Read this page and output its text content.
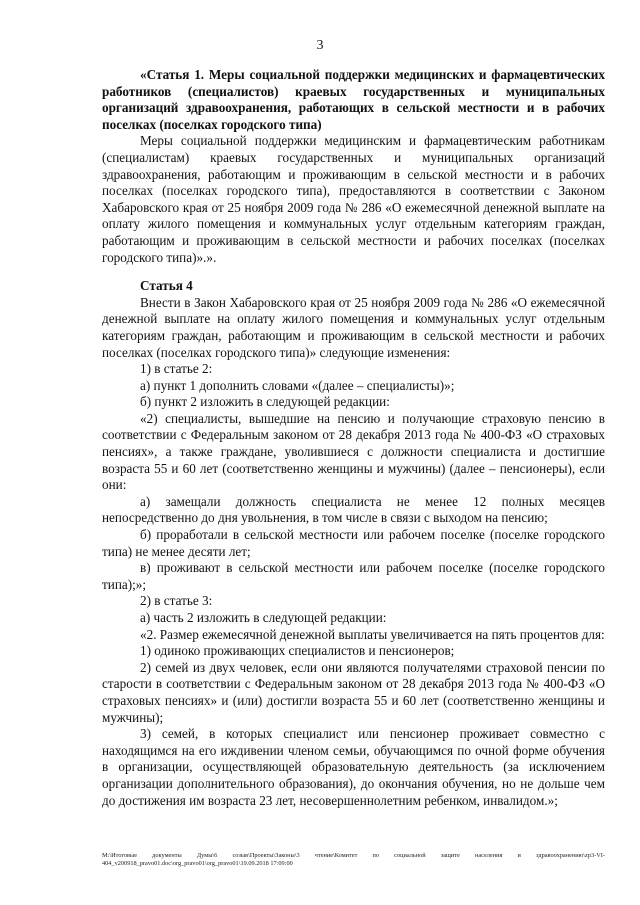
3

«Статья 1. Меры социальной поддержки медицинских и фармацевтических работников (специалистов) краевых государственных и муниципальных организаций здравоохранения, работающих в сельской местности и в рабочих поселках (поселках городского типа)

Меры социальной поддержки медицинским и фармацевтическим работникам (специалистам) краевых государственных и муниципальных организаций здравоохранения, работающим и проживающим в сельской местности и в рабочих поселках (поселках городского типа), предоставляются в соответствии с Законом Хабаровского края от 25 ноября 2009 года № 286 «О ежемесячной денежной выплате на оплату жилого помещения и коммунальных услуг отдельным категориям граждан, работающим и проживающим в сельской местности и рабочих поселках (поселках городского типа)».».

Статья 4

Внести в Закон Хабаровского края от 25 ноября 2009 года № 286 «О ежемесячной денежной выплате на оплату жилого помещения и коммунальных услуг отдельным категориям граждан, работающим и проживающим в сельской местности и рабочих поселках (поселках городского типа)» следующие изменения:

1) в статье 2:

а) пункт 1 дополнить словами «(далее – специалисты)»;

б) пункт 2 изложить в следующей редакции:

«2) специалисты, вышедшие на пенсию и получающие страховую пенсию в соответствии с Федеральным законом от 28 декабря 2013 года № 400-ФЗ «О страховых пенсиях», а также граждане, уволившиеся с должности специалиста и достигшие возраста 55 и 60 лет (соответственно женщины и мужчины) (далее – пенсионеры), если они:

а) замещали должность специалиста не менее 12 полных месяцев непосредственно до дня увольнения, в том числе в связи с выходом на пенсию;

б) проработали в сельской местности или рабочем поселке (поселке городского типа) не менее десяти лет;

в) проживают в сельской местности или рабочем поселке (поселке городского типа);»;

2) в статье 3:

а) часть 2 изложить в следующей редакции:

«2. Размер ежемесячной денежной выплаты увеличивается на пять процентов для:

1) одиноко проживающих специалистов и пенсионеров;

2) семей из двух человек, если они являются получателями страховой пенсии по старости в соответствии с Федеральным законом от 28 декабря 2013 года № 400-ФЗ «О страховых пенсиях» и (или) достигли возраста 55 и 60 лет (соответственно женщины и мужчины);

3) семей, в которых специалист или пенсионер проживает совместно с находящимся на его иждивении членом семьи, обучающимся по очной форме обучения в организации, осуществляющей образовательную деятельность (за исключением организации дополнительного образования), до окончания обучения, но не дольше чем до достижения им возраста 23 лет, несовершеннолетним ребенком, инвалидом.»;

M:\Итоговые документы Думы\6 созыв\Проекты\Законы\3 чтение\Комитет по социальной защите населения и здравоохранению\zp3-VI-404_v200918_pravo01.doc\org_pravo01\org_pravo01\19.09.2018 17:09:00
